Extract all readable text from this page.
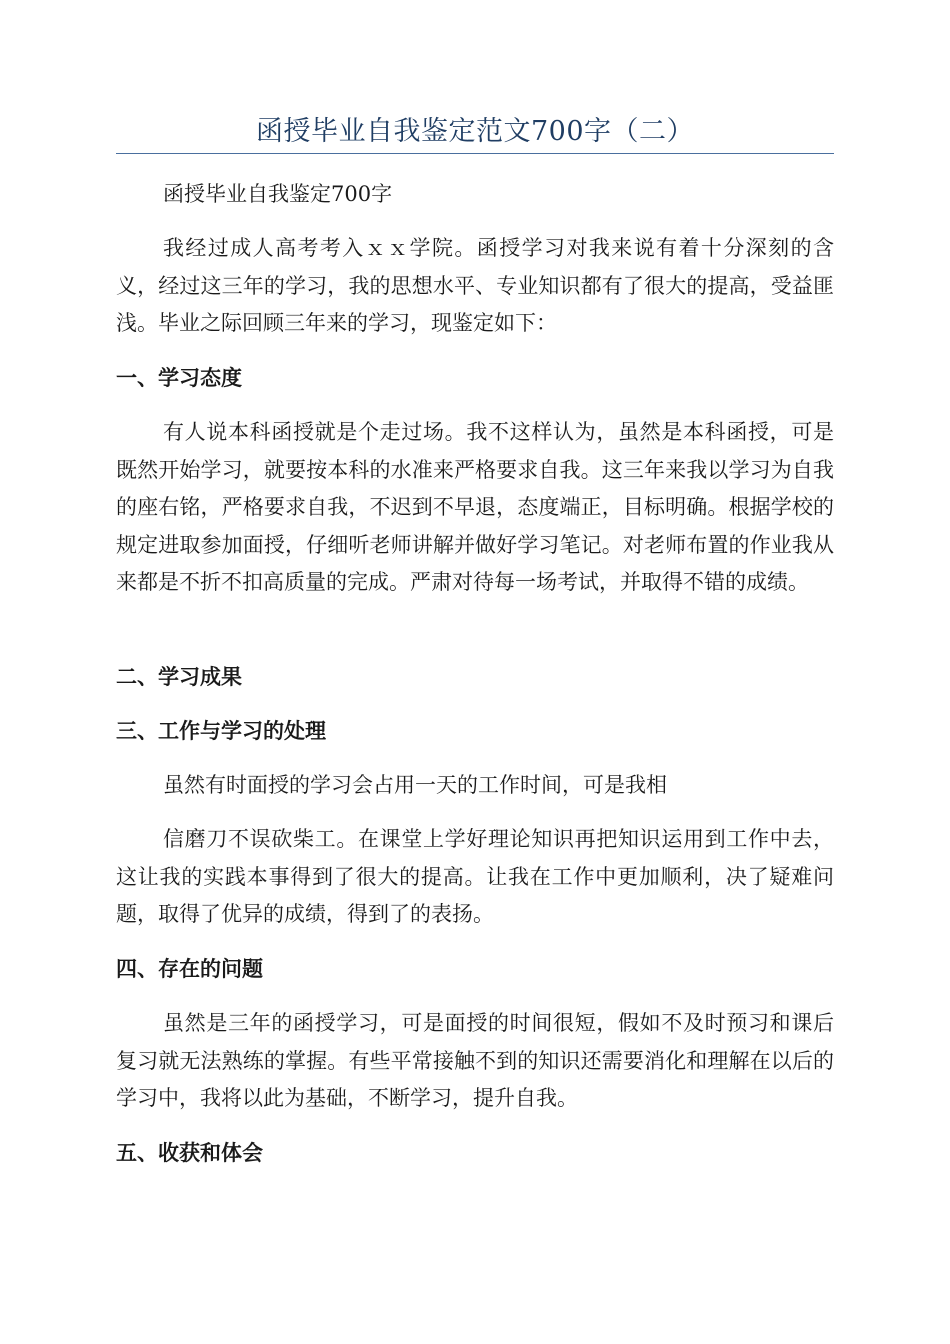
函授毕业自我鉴定范文700字（二）

函授毕业自我鉴定700字

我经过成人高考考入ｘｘ学院。函授学习对我来说有着十分深刻的含义，经过这三年的学习，我的思想水平、专业知识都有了很大的提高，受益匪浅。毕业之际回顾三年来的学习，现鉴定如下：

一、学习态度

有人说本科函授就是个走过场。我不这样认为，虽然是本科函授，可是既然开始学习，就要按本科的水准来严格要求自我。这三年来我以学习为自我的座右铭，严格要求自我，不迟到不早退，态度端正，目标明确。根据学校的规定进取参加面授，仔细听老师讲解并做好学习笔记。对老师布置的作业我从来都是不折不扣高质量的完成。严肃对待每一场考试，并取得不错的成绩。

二、学习成果

三、工作与学习的处理

虽然有时面授的学习会占用一天的工作时间，可是我相

信磨刀不误砍柴工。在课堂上学好理论知识再把知识运用到工作中去，这让我的实践本事得到了很大的提高。让我在工作中更加顺利，决了疑难问题，取得了优异的成绩，得到了的表扬。

四、存在的问题

虽然是三年的函授学习，可是面授的时间很短，假如不及时预习和课后复习就无法熟练的掌握。有些平常接触不到的知识还需要消化和理解在以后的学习中，我将以此为基础，不断学习，提升自我。

五、收获和体会
